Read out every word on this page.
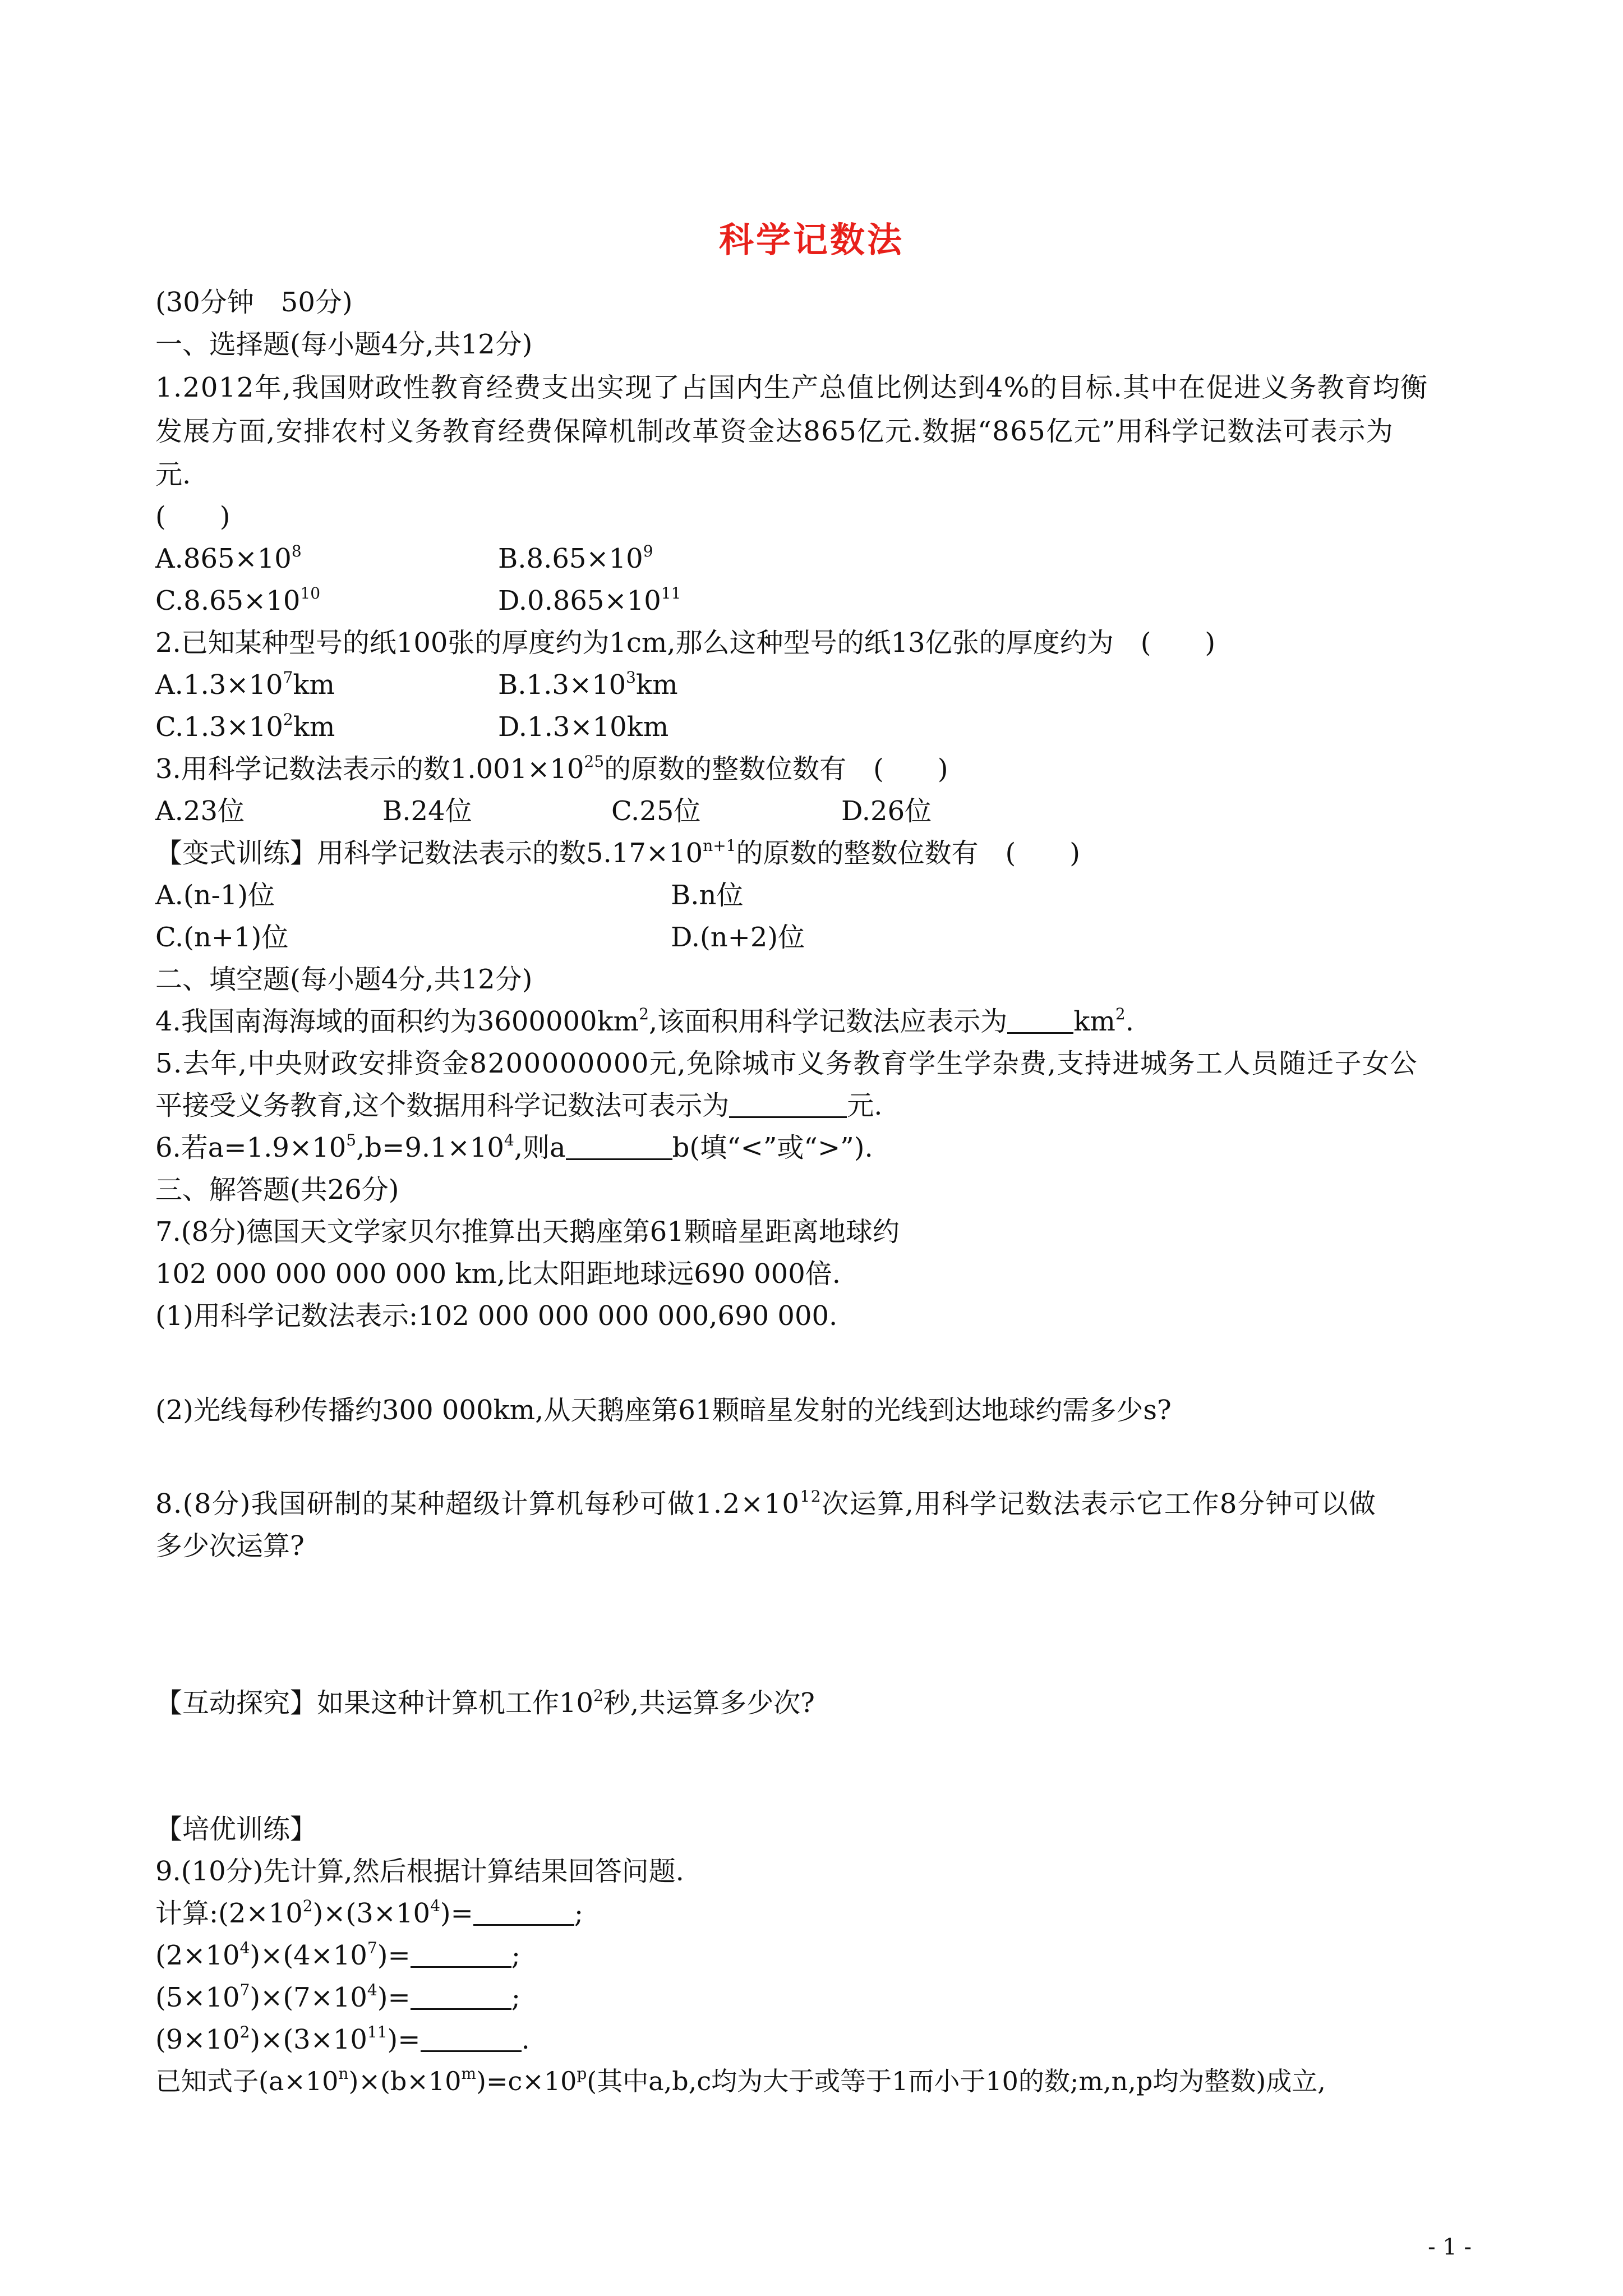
科学记数法
(30分钟　50分)
一、选择题(每小题4分,共12分)
1.2012年,我国财政性教育经费支出实现了占国内生产总值比例达到4%的目标.其中在促进义务教育均衡
发展方面,安排农村义务教育经费保障机制改革资金达865亿元.数据“865亿元”用科学记数法可表示为
元.
(　　)
$A.865\times 10^8$	$B.8.65\times 10^9$
$C.8.65\times 10^{10}$	$D.0.865\times 10^{11}$
2.已知某种型号的纸100张的厚度约为1cm,那么这种型号的纸13亿张的厚度约为　(　　)
$A.1.3\times 10^7km$	$B.1.3\times 10^3km$
$C.1.3\times 10^2km$	D.1.3×10km
3.用科学记数法表示的数$1.001\times 10^{25}$的原数的整数位数有　(　　)
A.23位	B.24位	C.25位	D.26位
【变式训练】用科学记数法表示的数$5.17\times 10^{n+1}$的原数的整数位数有　(　　)
A.(n-1)位	B.n位
C.(n+1)位	D.(n+2)位
二、填空题(每小题4分,共12分)
4.我国南海海域的面积约为$3600000km^2$,该面积用科学记数法应表示为 $km^2$.
5.去年,中央财政安排资金8200000000元,免除城市义务教育学生学杂费,支持进城务工人员随迁子女公
平接受义务教育,这个数据用科学记数法可表示为	元.
6.若$a=1.9\times 10^5,b=9.1\times 10^4$,则a	b(填“<”或“>”).
三、解答题(共26分)
7.(8分)德国天文学家贝尔推算出天鹅座第61颗暗星距离地球约
102 000 000 000 000 km,比太阳距地球远690 000倍.
(1)用科学记数法表示:102 000 000 000 000,690 000.
(2)光线每秒传播约300 000km,从天鹅座第61颗暗星发射的光线到达地球约需多少s?
8.(8分)我国研制的某种超级计算机每秒可做$1.2\times 10^{12}$次运算,用科学记数法表示它工作8分钟可以做
多少次运算?
【互动探究】如果这种计算机工作$10^2$秒,共运算多少次?
【培优训练】
9.(10分)先计算,然后根据计算结果回答问题.
计算$:(2\times 10^2)\times(3\times 10^4)=$	;
$(2\times 10^4)\times(4\times 10^7)=$	;
$(5\times 10^7)\times(7\times 10^4)=$	;
$(9\times 10^2)\times(3\times 10^{11})=$	.
已知式子$(a\times 10^n)\times(b\times 10^m)=c\times 10^p$(其中a,b,c均为大于或等于1而小于10的数;m,n,p均为整数)成立,
- 1 -
